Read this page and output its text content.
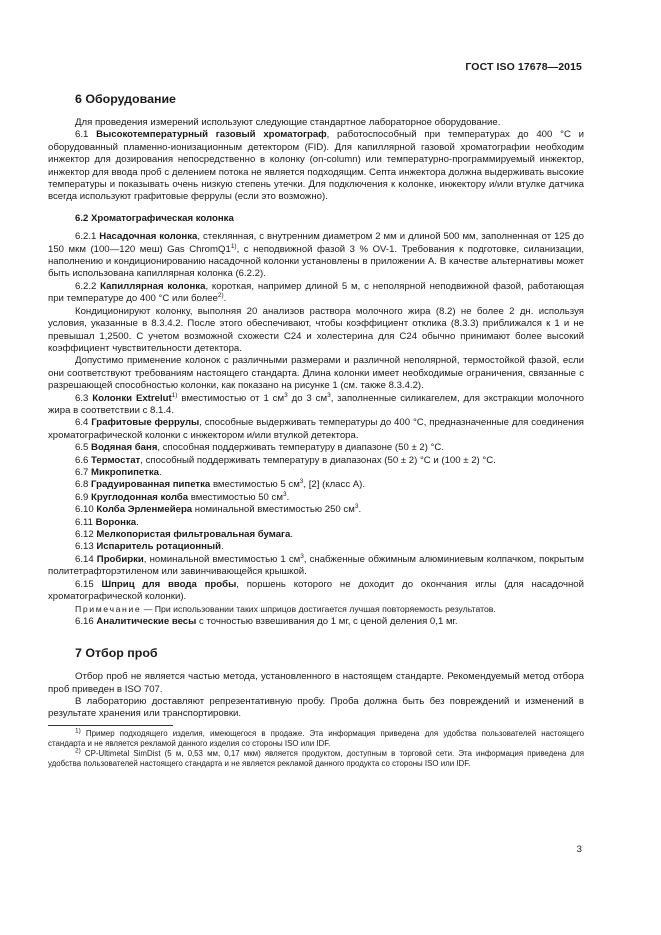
ГОСТ ISO 17678—2015
6 Оборудование

Для проведения измерений используют следующие стандартное лабораторное оборудование.

6.1 Высокотемпературный газовый хроматограф, работоспособный при температурах до 400 °С и оборудованный пламенно-ионизационным детектором (FID). Для капиллярной газовой хроматографии необходим инжектор для дозирования непосредственно в колонку (on-column) или температурно-программируемый инжектор, инжектор для ввода проб с делением потока не является подходящим. Септа инжектора должна выдерживать высокие температуры и показывать очень низкую степень утечки. Для подключения к колонке, инжектору и/или втулке датчика всегда используют графитовые феррулы (если это возможно).

6.2 Хроматографическая колонка

6.2.1 Насадочная колонка, стеклянная, с внутренним диаметром 2 мм и длиной 500 мм, заполненная от 125 до 150 мкм (100—120 меш) Gas ChromQ1$^{1)}$, с неподвижной фазой 3 % OV-1. Требования к подготовке, силанизации, наполнению и кондиционированию насадочной колонки установлены в приложении А. В качестве альтернативы может быть использована капиллярная колонка (6.2.2).

6.2.2 Капиллярная колонка, короткая, например длиной 5 м, с неполярной неподвижной фазой, работающая при температуре до 400 °С или более$^{2)}$.

Кондиционируют колонку, выполняя 20 анализов раствора молочного жира (8.2) не более 2 дн. используя условия, указанные в 8.3.4.2. После этого обеспечивают, чтобы коэффициент отклика (8.3.3) приближался к 1 и не превышал 1,2500. С учетом возможной схожести С24 и холестерина для С24 обычно принимают более высокий коэффициент чувствительности детектора.

Допустимо применение колонок с различными размерами и различной неполярной, термостойкой фазой, если они соответствуют требованиям настоящего стандарта. Длина колонки имеет необходимые ограничения, связанные с разрешающей способностью колонки, как показано на рисунке 1 (см. также 8.3.4.2).

6.3 Колонки Extrelut$^{1)}$ вместимостью от 1 $см^3$ до 3 $см^3$, заполненные силикагелем, для экстракции молочного жира в соответствии с 8.1.4.

6.4 Графитовые феррулы, способные выдерживать температуры до 400 °С, предназначенные для соединения хроматографической колонки с инжектором и/или втулкой детектора.

6.5 Водяная баня, способная поддерживать температуру в диапазоне (50 ± 2) °С.

6.6 Термостат, способный поддерживать температуру в диапазонах (50 ± 2) °С и (100 ± 2) °С.

6.7 Микропипетка.

6.8 Градуированная пипетка вместимостью 5 $см^3$, [2] (класс А).

6.9 Круглодонная колба вместимостью 50 $см^3$.

6.10 Колба Эрленмейера номинальной вместимостью 250 $см^3$.

6.11 Воронка.

6.12 Мелкопористая фильтровальная бумага.

6.13 Испаритель ротационный.

6.14 Пробирки, номинальной вместимостью 1 $см^3$, снабженные обжимным алюминиевым колпачком, покрытым политетрафторэтиленом или завинчивающейся крышкой.

6.15 Шприц для ввода пробы, поршень которого не доходит до окончания иглы (для насадочной хроматографической колонки).

Примечание — При использовании таких шприцов достигается лучшая повторяемость результатов.

6.16 Аналитические весы с точностью взвешивания до 1 мг, с ценой деления 0,1 мг.

7 Отбор проб

Отбор проб не является частью метода, установленного в настоящем стандарте. Рекомендуемый метод отбора проб приведен в ISO 707.

В лабораторию доставляют репрезентативную пробу. Проба должна быть без повреждений и изменений в результате хранения или транспортировки.

$^{1)}$ Пример подходящего изделия, имеющегося в продаже. Эта информация приведена для удобства пользователей настоящего стандарта и не является рекламой данного изделия со стороны ISO или IDF.

$^{2)}$ CP-Ultimetal SimDist (5 м, 0,53 мм, 0,17 мкм) является продуктом, доступным в торговой сети. Эта информация приведена для удобства пользователей настоящего стандарта и не является рекламой данного продукта со стороны ISO или IDF.

3
